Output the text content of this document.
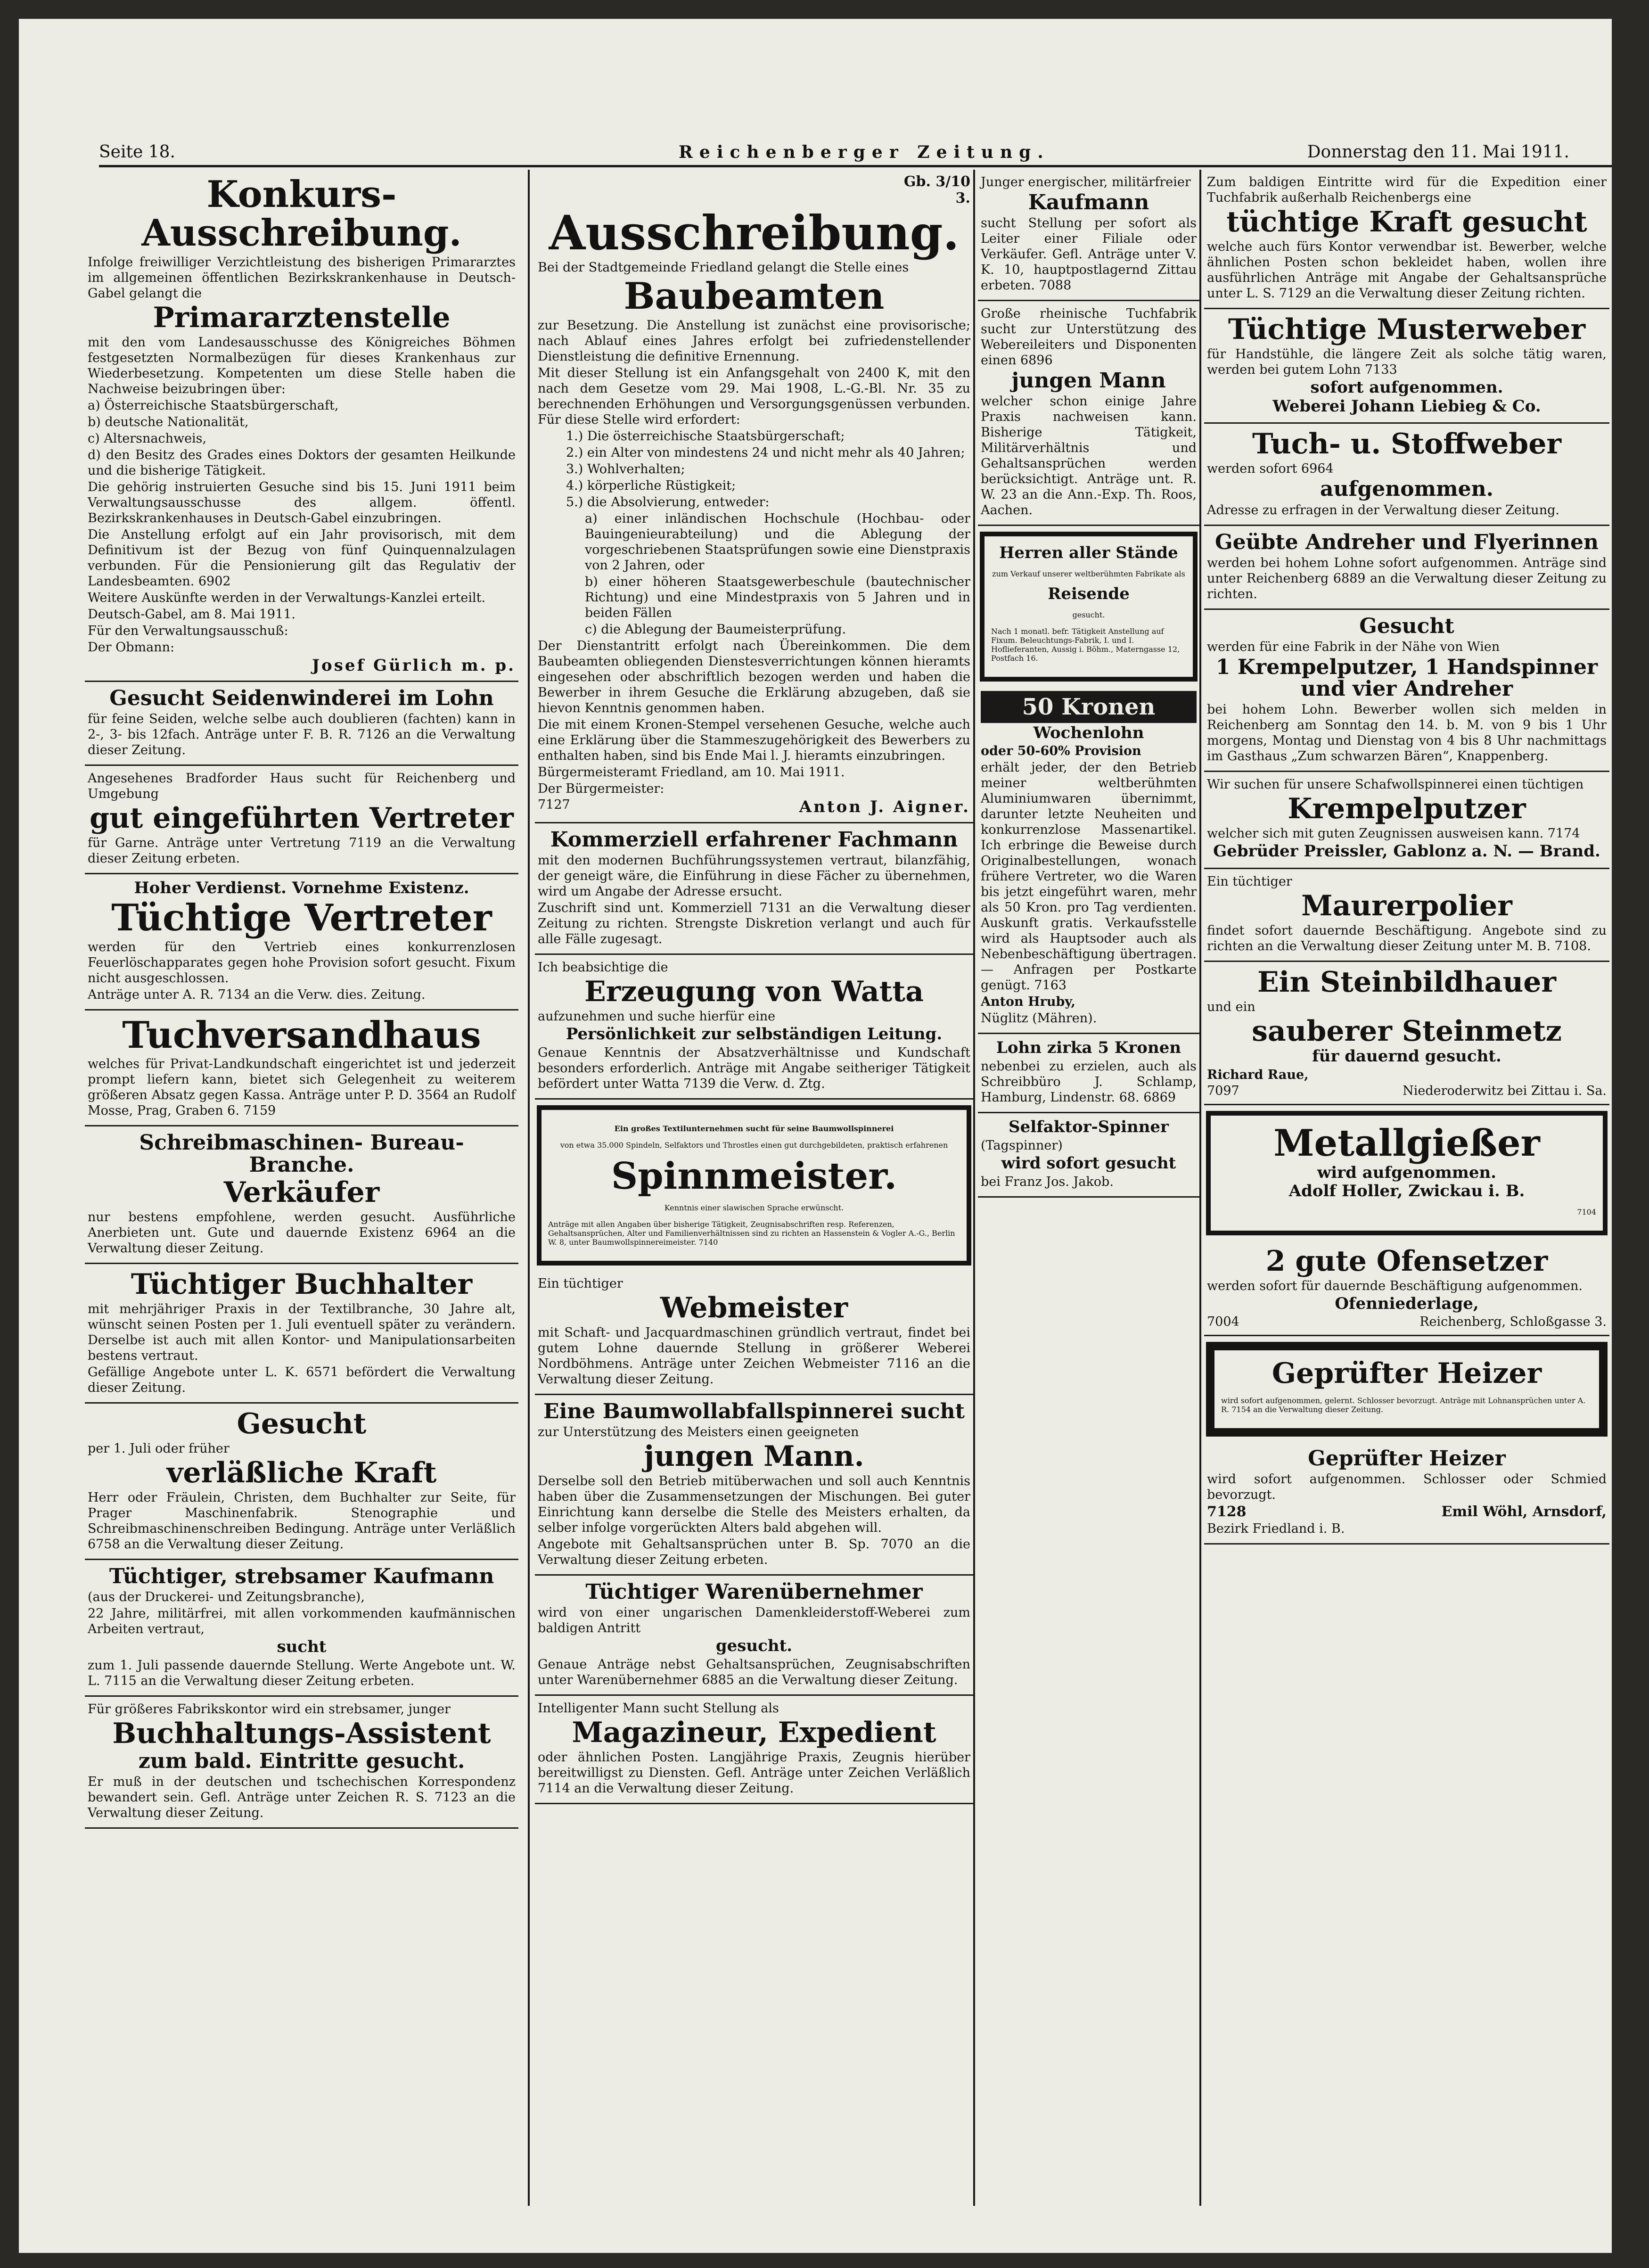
Seite 18.	Reichenberger Zeitung.	Donnerstag den 11. Mai 1911.
Konkurs-Ausschreibung.

Infolge freiwilliger Verzichtleistung des bisherigen Primararztes im allgemeinen öffentlichen Bezirkskrankenhause in Deutsch-Gabel gelangt die

Primararztenstelle

mit den vom Landesausschusse des Königreiches Böhmen festgesetzten Normalbezügen für dieses Krankenhaus zur Wiederbesetzung. Kompetenten um diese Stelle haben die Nachweise beizubringen über:

a) Österreichische Staatsbürgerschaft,

b) deutsche Nationalität,

c) Altersnachweis,

d) den Besitz des Grades eines Doktors der gesamten Heilkunde und die bisherige Tätigkeit.

Die gehörig instruierten Gesuche sind bis 15. Juni 1911 beim Verwaltungsausschusse des allgem. öffentl. Bezirkskrankenhauses in Deutsch-Gabel einzubringen.

Die Anstellung erfolgt auf ein Jahr provisorisch, mit dem Definitivum ist der Bezug von fünf Quinquennalzulagen verbunden. Für die Pensionierung gilt das Regulativ der Landesbeamten. 6902

Weitere Auskünfte werden in der Verwaltungs-Kanzlei erteilt.

Deutsch-Gabel, am 8. Mai 1911.

Für den Verwaltungsausschuß:

Der Obmann:

Josef Gürlich m. p.
Gesucht Seidenwinderei im Lohn

für feine Seiden, welche selbe auch doublieren (fachten) kann in 2-, 3- bis 12fach. Anträge unter F. B. R. 7126 an die Verwaltung dieser Zeitung.

Angesehenes Bradforder Haus sucht für Reichenberg und Umgebung

gut eingeführten Vertreter

für Garne. Anträge unter Vertretung 7119 an die Verwaltung dieser Zeitung erbeten.

Hoher Verdienst. Vornehme Existenz.
Tüchtige Vertreter

werden für den Vertrieb eines konkurrenzlosen Feuerlöschapparates gegen hohe Provision sofort gesucht. Fixum nicht ausgeschlossen.

Anträge unter A. R. 7134 an die Verw. dies. Zeitung.

Tuchversandhaus

welches für Privat-Landkundschaft eingerichtet ist und jederzeit prompt liefern kann, bietet sich Gelegenheit zu weiterem größeren Absatz gegen Kassa. Anträge unter P. D. 3564 an Rudolf Mosse, Prag, Graben 6. 7159

Schreibmaschinen- Bureau-Branche.
Verkäufer

nur bestens empfohlene, werden gesucht. Ausführliche Anerbieten unt. Gute und dauernde Existenz 6964 an die Verwaltung dieser Zeitung.

Tüchtiger Buchhalter

mit mehrjähriger Praxis in der Textilbranche, 30 Jahre alt, wünscht seinen Posten per 1. Juli eventuell später zu verändern. Derselbe ist auch mit allen Kontor- und Manipulationsarbeiten bestens vertraut.

Gefällige Angebote unter L. K. 6571 befördert die Verwaltung dieser Zeitung.

Gesucht

per 1. Juli oder früher

verläßliche Kraft

Herr oder Fräulein, Christen, dem Buchhalter zur Seite, für Prager Maschinenfabrik. Stenographie und Schreibmaschinenschreiben Bedingung. Anträge unter Verläßlich 6758 an die Verwaltung dieser Zeitung.

Tüchtiger, strebsamer Kaufmann

(aus der Druckerei- und Zeitungsbranche),

22 Jahre, militärfrei, mit allen vorkommenden kaufmännischen Arbeiten vertraut,

sucht

zum 1. Juli passende dauernde Stellung. Werte Angebote unt. W. L. 7115 an die Verwaltung dieser Zeitung erbeten.

Für größeres Fabrikskontor wird ein strebsamer, junger

Buchhaltungs-Assistent
zum bald. Eintritte gesucht.

Er muß in der deutschen und tschechischen Korrespondenz bewandert sein. Gefl. Anträge unter Zeichen R. S. 7123 an die Verwaltung dieser Zeitung.

Gb. 3/10
3.
Ausschreibung.

Bei der Stadtgemeinde Friedland gelangt die Stelle eines

Baubeamten

zur Besetzung. Die Anstellung ist zunächst eine provisorische; nach Ablauf eines Jahres erfolgt bei zufriedenstellender Dienstleistung die definitive Ernennung.

Mit dieser Stellung ist ein Anfangsgehalt von 2400 K, mit den nach dem Gesetze vom 29. Mai 1908, L.-G.-Bl. Nr. 35 zu berechnenden Erhöhungen und Versorgungsgenüssen verbunden. Für diese Stelle wird erfordert:

1.) Die österreichische Staatsbürgerschaft;

2.) ein Alter von mindestens 24 und nicht mehr als 40 Jahren;

3.) Wohlverhalten;

4.) körperliche Rüstigkeit;

5.) die Absolvierung, entweder:

a) einer inländischen Hochschule (Hochbau- oder Bauingenieurabteilung) und die Ablegung der vorgeschriebenen Staatsprüfungen sowie eine Dienstpraxis von 2 Jahren, oder

b) einer höheren Staatsgewerbeschule (bautechnischer Richtung) und eine Mindestpraxis von 5 Jahren und in beiden Fällen

c) die Ablegung der Baumeisterprüfung.

Der Dienstantritt erfolgt nach Übereinkommen. Die dem Baubeamten obliegenden Dienstesverrichtungen können hieramts eingesehen oder abschriftlich bezogen werden und haben die Bewerber in ihrem Gesuche die Erklärung abzugeben, daß sie hievon Kenntnis genommen haben.

Die mit einem Kronen-Stempel versehenen Gesuche, welche auch eine Erklärung über die Stammeszugehörigkeit des Bewerbers zu enthalten haben, sind bis Ende Mai l. J. hieramts einzubringen.

Bürgermeisteramt Friedland, am 10. Mai 1911.

Der Bürgermeister:

7127	Anton J. Aigner.
Kommerziell erfahrener Fachmann

mit den modernen Buchführungssystemen vertraut, bilanzfähig, der geneigt wäre, die Einführung in diese Fächer zu übernehmen, wird um Angabe der Adresse ersucht.

Zuschrift sind unt. Kommerziell 7131 an die Verwaltung dieser Zeitung zu richten. Strengste Diskretion verlangt und auch für alle Fälle zugesagt.

Ich beabsichtige die

Erzeugung von Watta

aufzunehmen und suche hierfür eine

Persönlichkeit zur selbständigen Leitung.

Genaue Kenntnis der Absatzverhältnisse und Kundschaft besonders erforderlich. Anträge mit Angabe seitheriger Tätigkeit befördert unter Watta 7139 die Verw. d. Ztg.

Ein großes Textilunternehmen sucht für seine Baumwollspinnerei

von etwa 35.000 Spindeln, Selfaktors und Throstles einen gut durchgebildeten, praktisch erfahrenen

Spinnmeister.

Kenntnis einer slawischen Sprache erwünscht.

Anträge mit allen Angaben über bisherige Tätigkeit, Zeugnisabschriften resp. Referenzen, Gehaltsansprüchen, Alter und Familienverhältnissen sind zu richten an Hassenstein & Vogler A.-G., Berlin W. 8, unter Baumwollspinnereimeister. 7140

Ein tüchtiger

Webmeister

mit Schaft- und Jacquardmaschinen gründlich vertraut, findet bei gutem Lohne dauernde Stellung in größerer Weberei Nordböhmens. Anträge unter Zeichen Webmeister 7116 an die Verwaltung dieser Zeitung.

Eine Baumwollabfallspinnerei sucht

zur Unterstützung des Meisters einen geeigneten

jungen Mann.

Derselbe soll den Betrieb mitüberwachen und soll auch Kenntnis haben über die Zusammensetzungen der Mischungen. Bei guter Einrichtung kann derselbe die Stelle des Meisters erhalten, da selber infolge vorgerückten Alters bald abgehen will.

Angebote mit Gehaltsansprüchen unter B. Sp. 7070 an die Verwaltung dieser Zeitung erbeten.

Tüchtiger Warenübernehmer

wird von einer ungarischen Damenkleiderstoff-Weberei zum baldigen Antritt

gesucht.

Genaue Anträge nebst Gehaltsansprüchen, Zeugnisabschriften unter Warenübernehmer 6885 an die Verwaltung dieser Zeitung.

Intelligenter Mann sucht Stellung als

Magazineur, Expedient

oder ähnlichen Posten. Langjährige Praxis, Zeugnis hierüber bereitwilligst zu Diensten. Gefl. Anträge unter Zeichen Verläßlich 7114 an die Verwaltung dieser Zeitung.

Junger energischer, militärfreier

Kaufmann

sucht Stellung per sofort als Leiter einer Filiale oder Verkäufer. Gefl. Anträge unter V. K. 10, hauptpostlagernd Zittau erbeten. 7088

Große rheinische Tuchfabrik sucht zur Unterstützung des Webereileiters und Disponenten einen 6896

jungen Mann

welcher schon einige Jahre Praxis nachweisen kann. Bisherige Tätigkeit, Militärverhältnis und Gehaltsansprüchen werden berücksichtigt. Anträge unt. R. W. 23 an die Ann.-Exp. Th. Roos, Aachen.

Herren aller Stände

zum Verkauf unserer weltberühmten Fabrikate als

Reisende

gesucht.

Nach 1 monatl. befr. Tätigkeit Anstellung auf Fixum. Beleuchtungs-Fabrik, I. und I. Hoflieferanten, Aussig i. Böhm., Materngasse 12, Postfach 16.

50 Kronen
Wochenlohn

oder 50-60% Provision

erhält jeder, der den Betrieb meiner weltberühmten Aluminiumwaren übernimmt, darunter letzte Neuheiten und konkurrenzlose Massenartikel. Ich erbringe die Beweise durch Originalbestellungen, wonach frühere Vertreter, wo die Waren bis jetzt eingeführt waren, mehr als 50 Kron. pro Tag verdienten. Auskunft gratis. Verkaufsstelle wird als Hauptsoder auch als Nebenbeschäftigung übertragen. — Anfragen per Postkarte genügt. 7163

Anton Hruby,

Nüglitz (Mähren).

Lohn zirka 5 Kronen

nebenbei zu erzielen, auch als Schreibbüro J. Schlamp, Hamburg, Lindenstr. 68. 6869

Selfaktor-Spinner

(Tagspinner)

wird sofort gesucht

bei Franz Jos. Jakob.

Zum baldigen Eintritte wird für die Expedition einer Tuchfabrik außerhalb Reichenbergs eine

tüchtige Kraft gesucht

welche auch fürs Kontor verwendbar ist. Bewerber, welche ähnlichen Posten schon bekleidet haben, wollen ihre ausführlichen Anträge mit Angabe der Gehaltsansprüche unter L. S. 7129 an die Verwaltung dieser Zeitung richten.

Tüchtige Musterweber

für Handstühle, die längere Zeit als solche tätig waren, werden bei gutem Lohn 7133

sofort aufgenommen.
Weberei Johann Liebieg & Co.
Tuch- u. Stoffweber

werden sofort 6964

aufgenommen.

Adresse zu erfragen in der Verwaltung dieser Zeitung.

Geübte Andreher und Flyerinnen

werden bei hohem Lohne sofort aufgenommen. Anträge sind unter Reichenberg 6889 an die Verwaltung dieser Zeitung zu richten.

Gesucht

werden für eine Fabrik in der Nähe von Wien

1 Krempelputzer, 1 Handspinner und vier Andreher

bei hohem Lohn. Bewerber wollen sich melden in Reichenberg am Sonntag den 14. b. M. von 9 bis 1 Uhr morgens, Montag und Dienstag von 4 bis 8 Uhr nachmittags im Gasthaus „Zum schwarzen Bären“, Knappenberg.

Wir suchen für unsere Schafwollspinnerei einen tüchtigen

Krempelputzer

welcher sich mit guten Zeugnissen ausweisen kann. 7174

Gebrüder Preissler, Gablonz a. N. — Brand.

Ein tüchtiger

Maurerpolier

findet sofort dauernde Beschäftigung. Angebote sind zu richten an die Verwaltung dieser Zeitung unter M. B. 7108.

Ein Steinbildhauer

und ein

sauberer Steinmetz
für dauernd gesucht.

Richard Raue,

7097	Niederoderwitz bei Zittau i. Sa.
Metallgießer
wird aufgenommen.
Adolf Holler, Zwickau i. B.

7104

2 gute Ofensetzer

werden sofort für dauernde Beschäftigung aufgenommen.

Ofenniederlage,
7004	Reichenberg, Schloßgasse 3.
Geprüfter Heizer

wird sofort aufgenommen, gelernt. Schlosser bevorzugt. Anträge mit Lohnansprüchen unter A. R. 7154 an die Verwaltung dieser Zeitung.

Geprüfter Heizer

wird sofort aufgenommen. Schlosser oder Schmied bevorzugt.

7128	Emil Wöhl, Arnsdorf,

Bezirk Friedland i. B.
